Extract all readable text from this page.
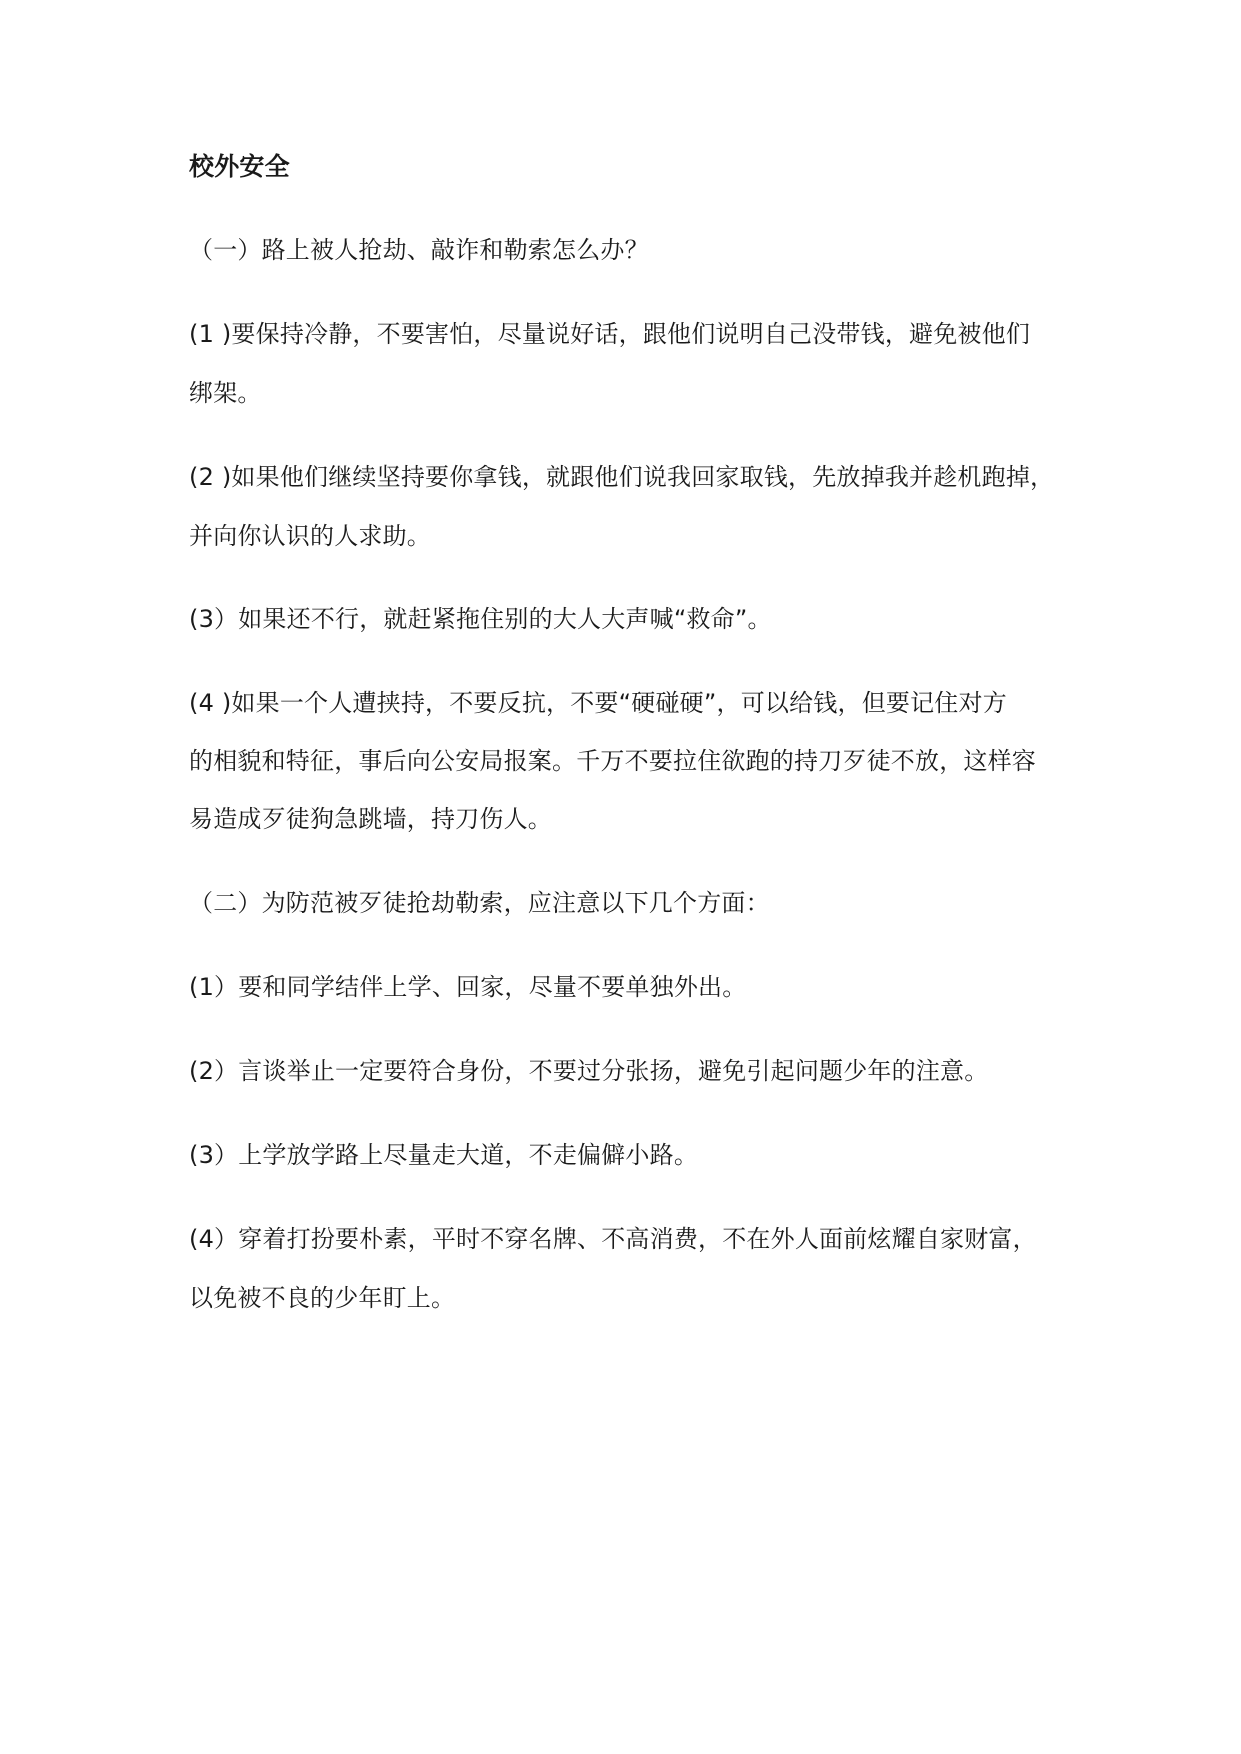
校外安全

（一）路上被人抢劫、敲诈和勒索怎么办？

(1 )要保持冷静，不要害怕，尽量说好话，跟他们说明自己没带钱，避免被他们

绑架。

(2 )如果他们继续坚持要你拿钱，就跟他们说我回家取钱，先放掉我并趁机跑掉，

并向你认识的人求助。

(3）如果还不行，就赶紧拖住别的大人大声喊“救命”。

(4 )如果一个人遭挟持，不要反抗，不要“硬碰硬”，可以给钱，但要记住对方

的相貌和特征，事后向公安局报案。千万不要拉住欲跑的持刀歹徒不放，这样容

易造成歹徒狗急跳墙，持刀伤人。

（二）为防范被歹徒抢劫勒索，应注意以下几个方面：

(1）要和同学结伴上学、回家，尽量不要单独外出。

(2）言谈举止一定要符合身份，不要过分张扬，避免引起问题少年的注意。

(3）上学放学路上尽量走大道，不走偏僻小路。

(4）穿着打扮要朴素，平时不穿名牌、不高消费，不在外人面前炫耀自家财富，

以免被不良的少年盯上。
